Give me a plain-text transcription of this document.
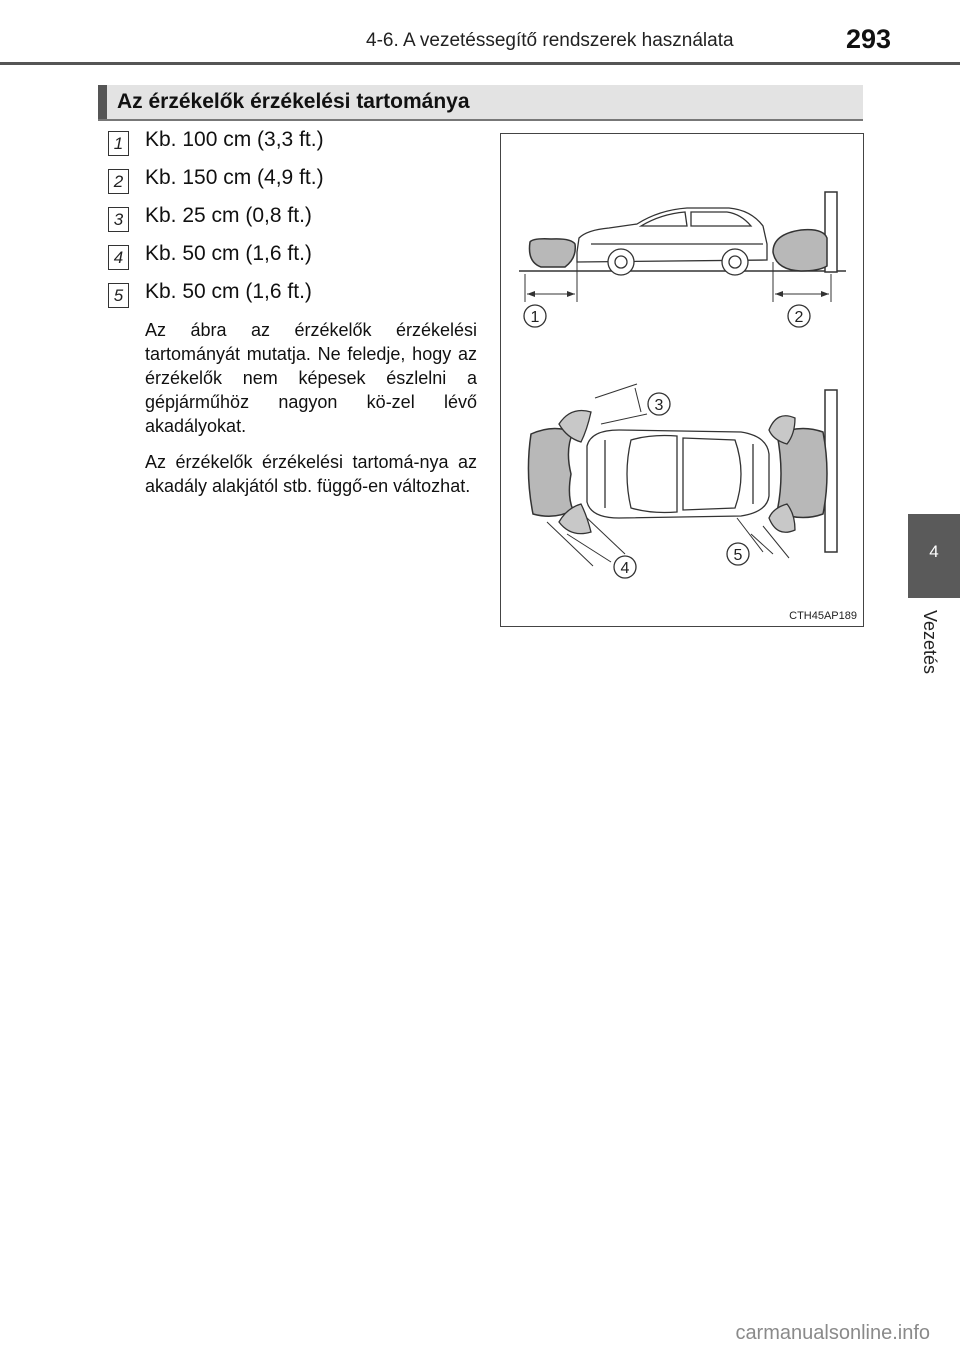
4-6. A vezetéssegítő rendszerek használata	293
Az érzékelők érzékelési tartománya
1 Kb. 100 cm (3,3 ft.)
2 Kb. 150 cm (4,9 ft.)
3 Kb. 25 cm (0,8 ft.)
4 Kb. 50 cm (1,6 ft.)
5 Kb. 50 cm (1,6 ft.)
Az ábra az érzékelők érzékelési tartományát mutatja. Ne feledje, hogy az érzékelők nem képesek észlelni a gépjárműhöz nagyon kö-zel lévő akadályokat.
Az érzékelők érzékelési tartomá-nya az akadály alakjától stb. függő-en változhat.
1	2
3
4
5
CTH45AP189
4
Vezetés
carmanualsonline.info
